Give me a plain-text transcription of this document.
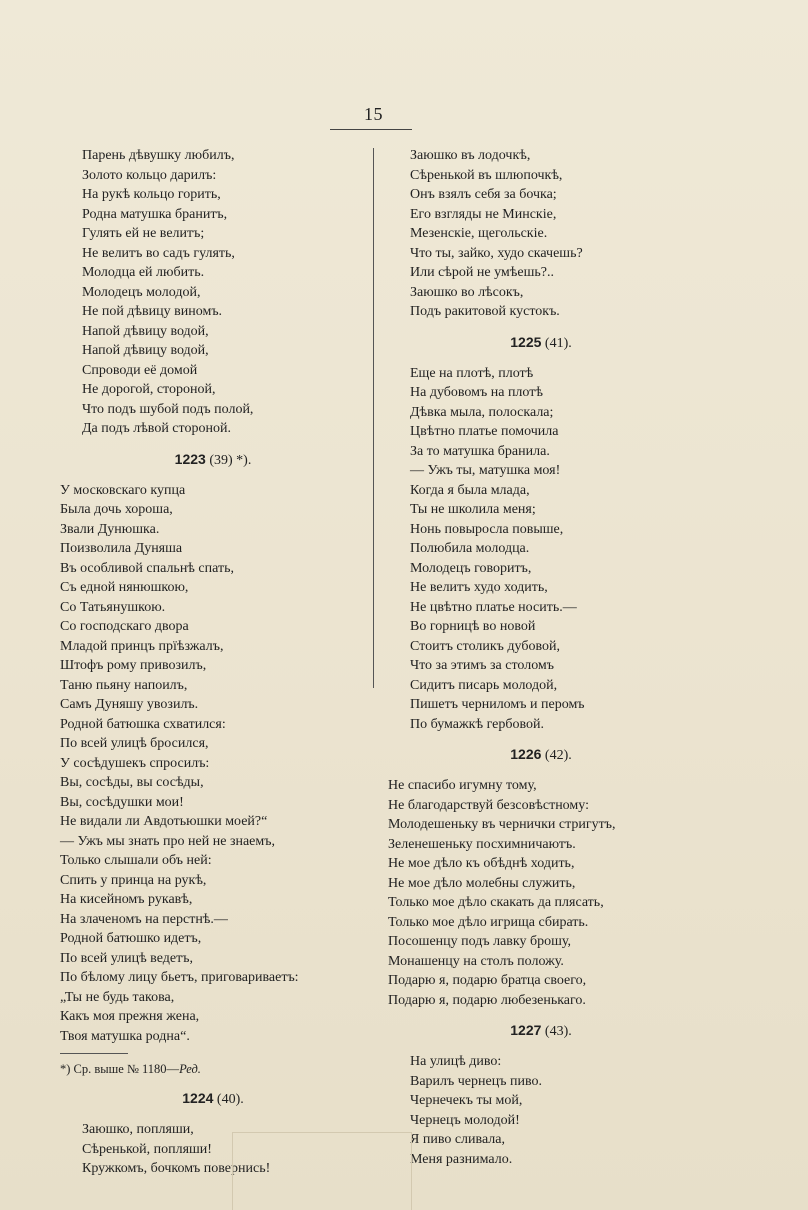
15
Парень дѣвушку любилъ,
Золото кольцо дарилъ:
На рукѣ кольцо горить,
Родна матушка бранитъ,
Гулять ей не велитъ;
Не велитъ во садъ гулять,
Молодца ей любить.
Молодецъ молодой,
Не пой дѣвицу виномъ.
Напой дѣвицу водой,
Напой дѣвицу водой,
Спроводи её домой
Не дорогой, стороной,
Что подъ шубой подъ полой,
Да подъ лѣвой стороной.
1223 (39) *).
У московскаго купца
Была дочь хороша,
Звали Дунюшка.
Поизволила Дуняша
Въ особливой спальнѣ спать,
Съ едной нянюшкою,
Со Татьянушкою.
Со господскаго двора
Младой принцъ прїѣзжалъ,
Штофъ рому привозилъ,
Таню пьяну напоилъ,
Самъ Дуняшу увозилъ.
Родной батюшка схватился:
По всей улицѣ бросился,
У сосѣдушекъ спросилъ:
Вы, сосѣды, вы сосѣды,
Вы, сосѣдушки мои!
Не видали ли Авдотьюшки моей?“
— Ужъ мы знать про ней не знаемъ,
Только слышали объ ней:
Спить у принца на рукѣ,
На кисейномъ рукавѣ,
На злаченомъ на перстнѣ.—
Родной батюшко идетъ,
По всей улицѣ ведетъ,
По бѣлому лицу бьетъ, приговариваетъ:
„Ты не будь такова,
Какъ моя прежня жена,
Твоя матушка родна“.
*) Ср. выше № 1180—Ред.
1224 (40).
Заюшко, попляши,
Сѣренькой, попляши!
Кружкомъ, бочкомъ повернись!
Заюшко въ лодочкѣ,
Сѣренькой въ шлюпочкѣ,
Онъ взялъ себя за бочка;
Его взгляды не Минскіе,
Мезенскіе, щегольскіе.
Что ты, зайко, худо скачешь?
Или сѣрой не умѣешь?..
Заюшко во лѣсокъ,
Подъ ракитовой кустокъ.
1225 (41).
Еще на плотѣ, плотѣ
На дубовомъ на плотѣ
Дѣвка мыла, полоскала;
Цвѣтно платье помочила
За то матушка бранила.
— Ужъ ты, матушка моя!
Когда я была млада,
Ты не школила меня;
Нонь повыросла повыше,
Полюбила молодца.
Молодецъ говоритъ,
Не велитъ худо ходить,
Не цвѣтно платье носить.—
Во горницѣ во новой
Стоитъ столикъ дубовой,
Что за этимъ за столомъ
Сидитъ писарь молодой,
Пишетъ черниломъ и перомъ
По бумажкѣ гербовой.
1226 (42).
Не спасибо игумну тому,
Не благодарствуй безсовѣстному:
Молодешеньку въ чернички стригутъ,
Зеленешеньку посхимничаютъ.
Не мое дѣло къ обѣднѣ ходить,
Не мое дѣло молебны служить,
Только мое дѣло скакать да плясать,
Только мое дѣло игрища сбирать.
Посошенцу подъ лавку брошу,
Монашенцу на столъ положу.
Подарю я, подарю братца своего,
Подарю я, подарю любезенькаго.
1227 (43).
На улицѣ диво:
Варилъ чернецъ пиво.
Чернечекъ ты мой,
Чернецъ молодой!
Я пиво сливала,
Меня разнимало.
